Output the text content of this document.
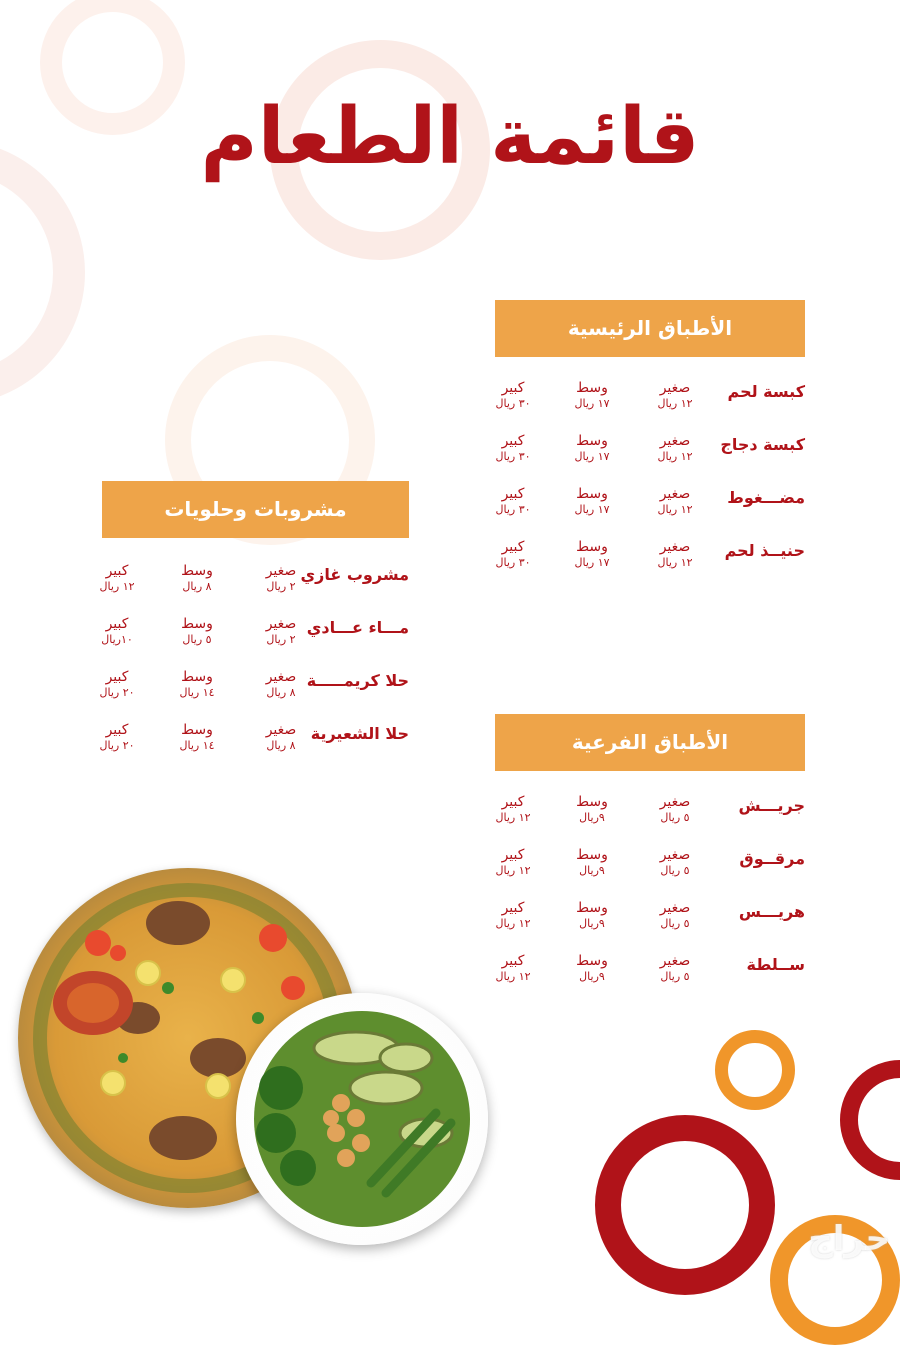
قائمة الطعام
الأطباق الرئيسية
كبسة لحم
صغير
١٢ ريال
وسط
١٧ ريال
كبير
٣٠ ريال
كبسة دجاج
صغير
١٢ ريال
وسط
١٧ ريال
كبير
٣٠ ريال
مضـــغوط
صغير
١٢ ريال
وسط
١٧ ريال
كبير
٣٠ ريال
حنيــذ لحم
صغير
١٢ ريال
وسط
١٧ ريال
كبير
٣٠ ريال
مشروبات وحلويات
مشروب غازي
صغير
٢ ريال
وسط
٨ ريال
كبير
١٢ ريال
مـــاء عـــادي
صغير
٢ ريال
وسط
٥ ريال
كبير
١٠ريال
حلا كريمـــــة
صغير
٨ ريال
وسط
١٤ ريال
كبير
٢٠ ريال
حلا الشعيرية
صغير
٨ ريال
وسط
١٤ ريال
كبير
٢٠ ريال	الأطباق الفرعية
جريـــش
صغير
٥ ريال
وسط
٩ريال
كبير
١٢ ريال
مرقــوق
صغير
٥ ريال
وسط
٩ريال
كبير
١٢ ريال
هريـــس
صغير
٥ ريال
وسط
٩ريال
كبير
١٢ ريال
ســلطة
صغير
٥ ريال
وسط
٩ريال
كبير
١٢ ريال
حراج
